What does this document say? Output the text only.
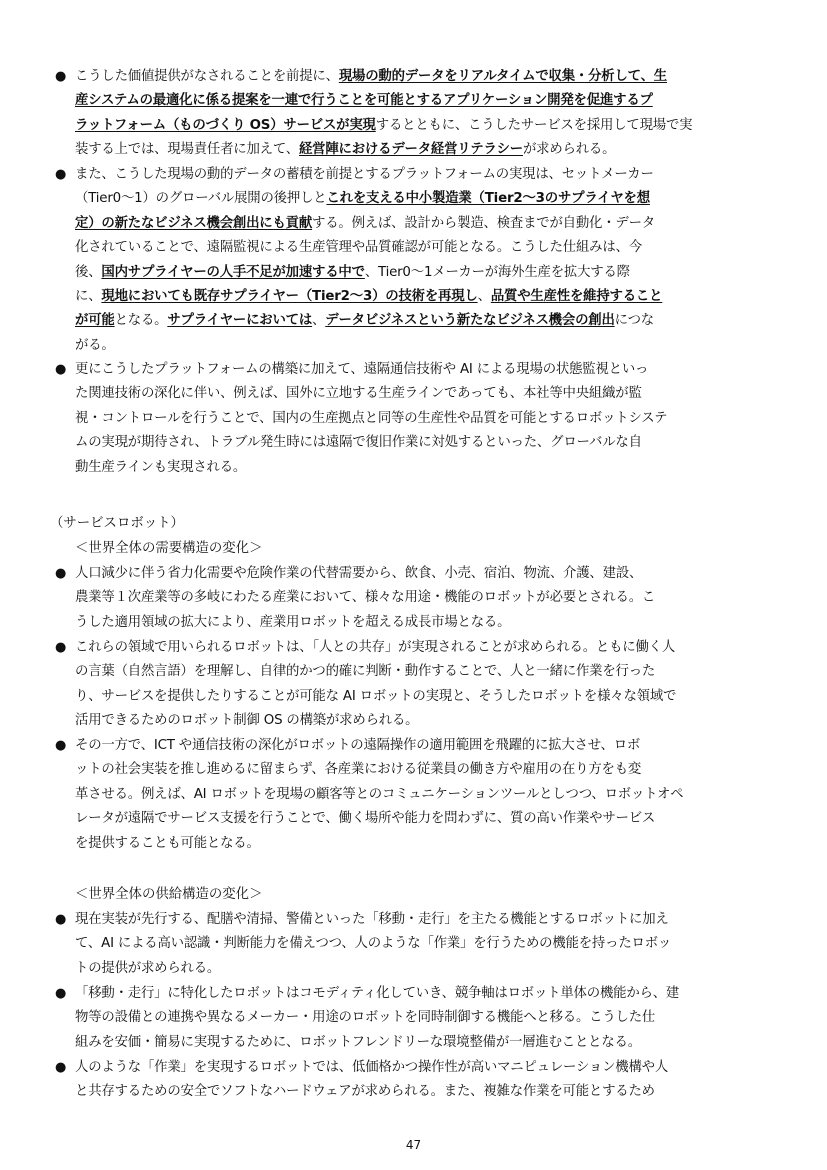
● こうした価値提供がなされることを前提に、現場の動的データをリアルタイムで収集・分析して、生
産システムの最適化に係る提案を一連で行うことを可能とするアプリケーション開発を促進するプ
ラットフォーム（ものづくり OS）サービスが実現するとともに、こうしたサービスを採用して現場で実
装する上では、現場責任者に加えて、経営陣におけるデータ経営リテラシーが求められる。
● また、こうした現場の動的データの蓄積を前提とするプラットフォームの実現は、セットメーカー
（Tier0～1）のグローバル展開の後押しとこれを支える中小製造業（Tier2～3のサプライヤを想
定）の新たなビジネス機会創出にも貢献する。例えば、設計から製造、検査までが自動化・データ
化されていることで、遠隔監視による生産管理や品質確認が可能となる。こうした仕組みは、今
後、国内サプライヤーの人手不足が加速する中で、Tier0～1メーカーが海外生産を拡大する際
に、現地においても既存サプライヤー（Tier2～3）の技術を再現し、品質や生産性を維持すること
が可能となる。サプライヤーにおいては、データビジネスという新たなビジネス機会の創出につな
がる。
● 更にこうしたプラットフォームの構築に加えて、遠隔通信技術や AI による現場の状態監視といっ
た関連技術の深化に伴い、例えば、国外に立地する生産ラインであっても、本社等中央組織が監
視・コントロールを行うことで、国内の生産拠点と同等の生産性や品質を可能とするロボットシステ
ムの実現が期待され、トラブル発生時には遠隔で復旧作業に対処するといった、グローバルな自
動生産ラインも実現される。
（サービスロボット）
＜世界全体の需要構造の変化＞
● 人口減少に伴う省力化需要や危険作業の代替需要から、飲食、小売、宿泊、物流、介護、建設、
農業等１次産業等の多岐にわたる産業において、様々な用途・機能のロボットが必要とされる。こ
うした適用領域の拡大により、産業用ロボットを超える成長市場となる。
● これらの領域で用いられるロボットは、「人との共存」が実現されることが求められる。ともに働く人
の言葉（自然言語）を理解し、自律的かつ的確に判断・動作することで、人と一緒に作業を行った
り、サービスを提供したりすることが可能な AI ロボットの実現と、そうしたロボットを様々な領域で
活用できるためのロボット制御 OS の構築が求められる。
● その一方で、ICT や通信技術の深化がロボットの遠隔操作の適用範囲を飛躍的に拡大させ、ロボ
ットの社会実装を推し進めるに留まらず、各産業における従業員の働き方や雇用の在り方をも変
革させる。例えば、AI ロボットを現場の顧客等とのコミュニケーションツールとしつつ、ロボットオペ
レータが遠隔でサービス支援を行うことで、働く場所や能力を問わずに、質の高い作業やサービス
を提供することも可能となる。
＜世界全体の供給構造の変化＞
● 現在実装が先行する、配膳や清掃、警備といった「移動・走行」を主たる機能とするロボットに加え
て、AI による高い認識・判断能力を備えつつ、人のような「作業」を行うための機能を持ったロボッ
トの提供が求められる。
● 「移動・走行」に特化したロボットはコモディティ化していき、競争軸はロボット単体の機能から、建
物等の設備との連携や異なるメーカー・用途のロボットを同時制御する機能へと移る。こうした仕
組みを安価・簡易に実現するために、ロボットフレンドリーな環境整備が一層進むこととなる。
● 人のような「作業」を実現するロボットでは、低価格かつ操作性が高いマニピュレーション機構や人
と共存するための安全でソフトなハードウェアが求められる。また、複雑な作業を可能とするため
47
